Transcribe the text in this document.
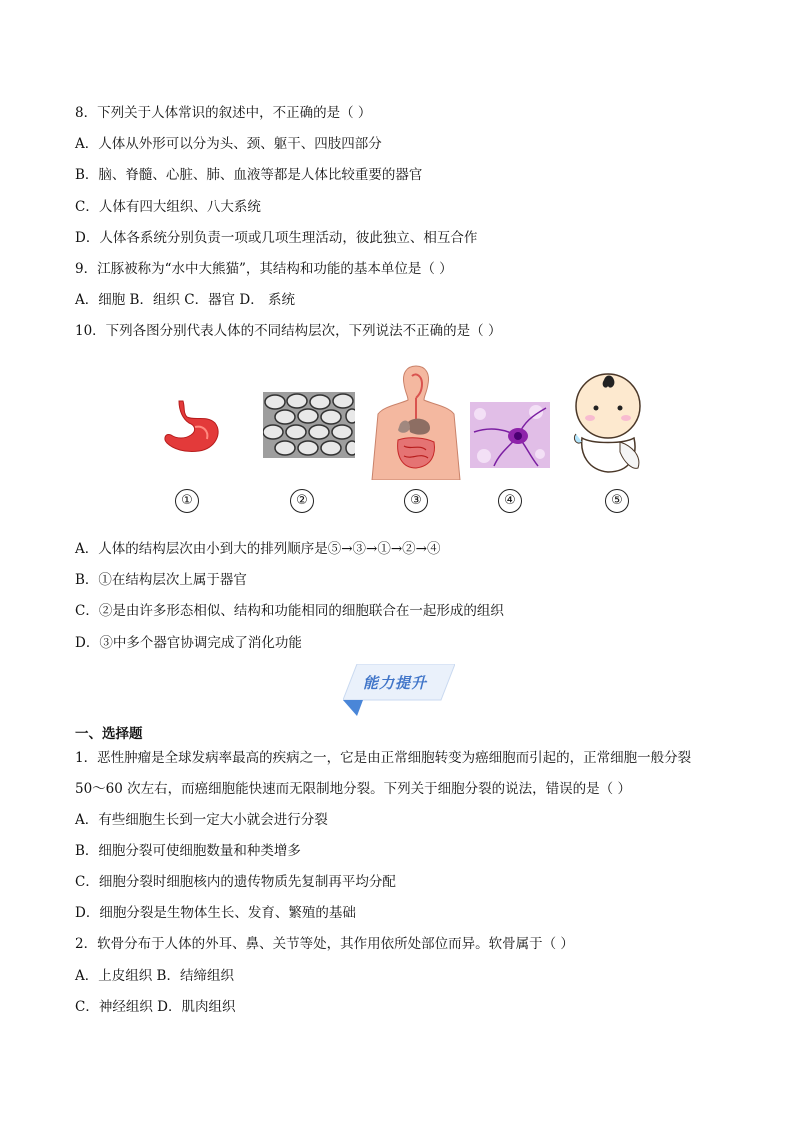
8．下列关于人体常识的叙述中，不正确的是（ ）
A．人体从外形可以分为头、颈、躯干、四肢四部分
B．脑、脊髓、心脏、肺、血液等都是人体比较重要的器官
C．人体有四大组织、八大系统
D．人体各系统分别负责一项或几项生理活动，彼此独立、相互合作
9．江豚被称为“水中大熊猫”，其结构和功能的基本单位是（ ）
A．细胞 B．组织 C．器官 D． 系统
10．下列各图分别代表人体的不同结构层次，下列说法不正确的是（ ）
①	②	③	④	⑤
A．人体的结构层次由小到大的排列顺序是⑤→③→①→②→④
B．①在结构层次上属于器官
C．②是由许多形态相似、结构和功能相同的细胞联合在一起形成的组织
D．③中多个器官协调完成了消化功能
能力提升
一、选择题
1．恶性肿瘤是全球发病率最高的疾病之一，它是由正常细胞转变为癌细胞而引起的，正常细胞一般分裂
50～60 次左右，而癌细胞能快速而无限制地分裂。下列关于细胞分裂的说法，错误的是（ ）
A．有些细胞生长到一定大小就会进行分裂
B．细胞分裂可使细胞数量和种类增多
C．细胞分裂时细胞核内的遗传物质先复制再平均分配
D．细胞分裂是生物体生长、发育、繁殖的基础
2．软骨分布于人体的外耳、鼻、关节等处，其作用依所处部位而异。软骨属于（ ）
A．上皮组织 B．结缔组织
C．神经组织 D．肌肉组织
